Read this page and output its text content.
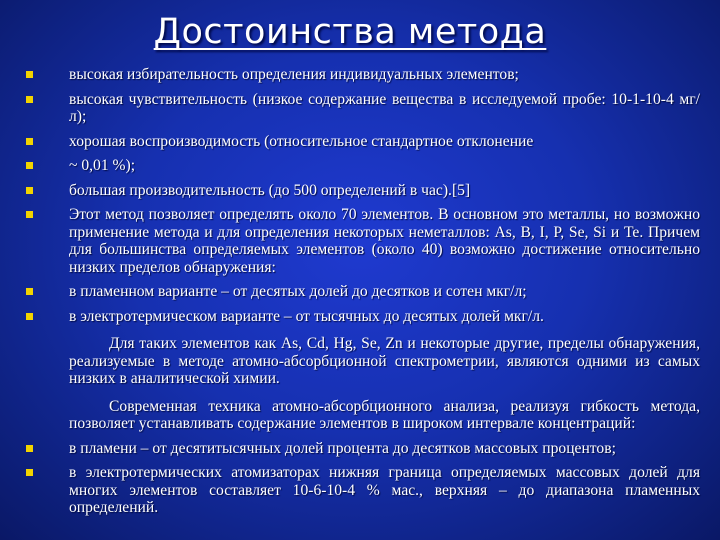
Достоинства метода
высокая избирательность определения индивидуальных элементов;
высокая чувствительность (низкое содержание вещества в исследуемой пробе: 10-1-10-4 мг/л);
хорошая воспроизводимость (относительное стандартное отклонение
~ 0,01 %);
большая производительность (до 500 определений в час).[5]
Этот метод позволяет определять около 70 элементов. В основном это металлы, но возможно применение метода и для определения некоторых неметаллов: As, B, I, P, Se, Si и Te. Причем для большинства определяемых элементов (около 40) возможно достижение относительно низких пределов обнаружения:
в пламенном варианте – от десятых долей до десятков и сотен мкг/л;
в электротермическом варианте – от тысячных до десятых долей мкг/л.
Для таких элементов как As, Cd, Hg, Se, Zn и некоторые другие, пределы обнаружения, реализуемые в методе атомно-абсорбционной спектрометрии, являются одними из самых низких в аналитической химии.
Современная техника атомно-абсорбционного анализа, реализуя гибкость метода, позволяет устанавливать содержание элементов в широком интервале концентраций:
в пламени – от десятитысячных долей процента до десятков массовых процентов;
в электротермических атомизаторах нижняя граница определяемых массовых долей для многих элементов составляет 10-6-10-4 % мас., верхняя – до диапазона пламенных определений.
